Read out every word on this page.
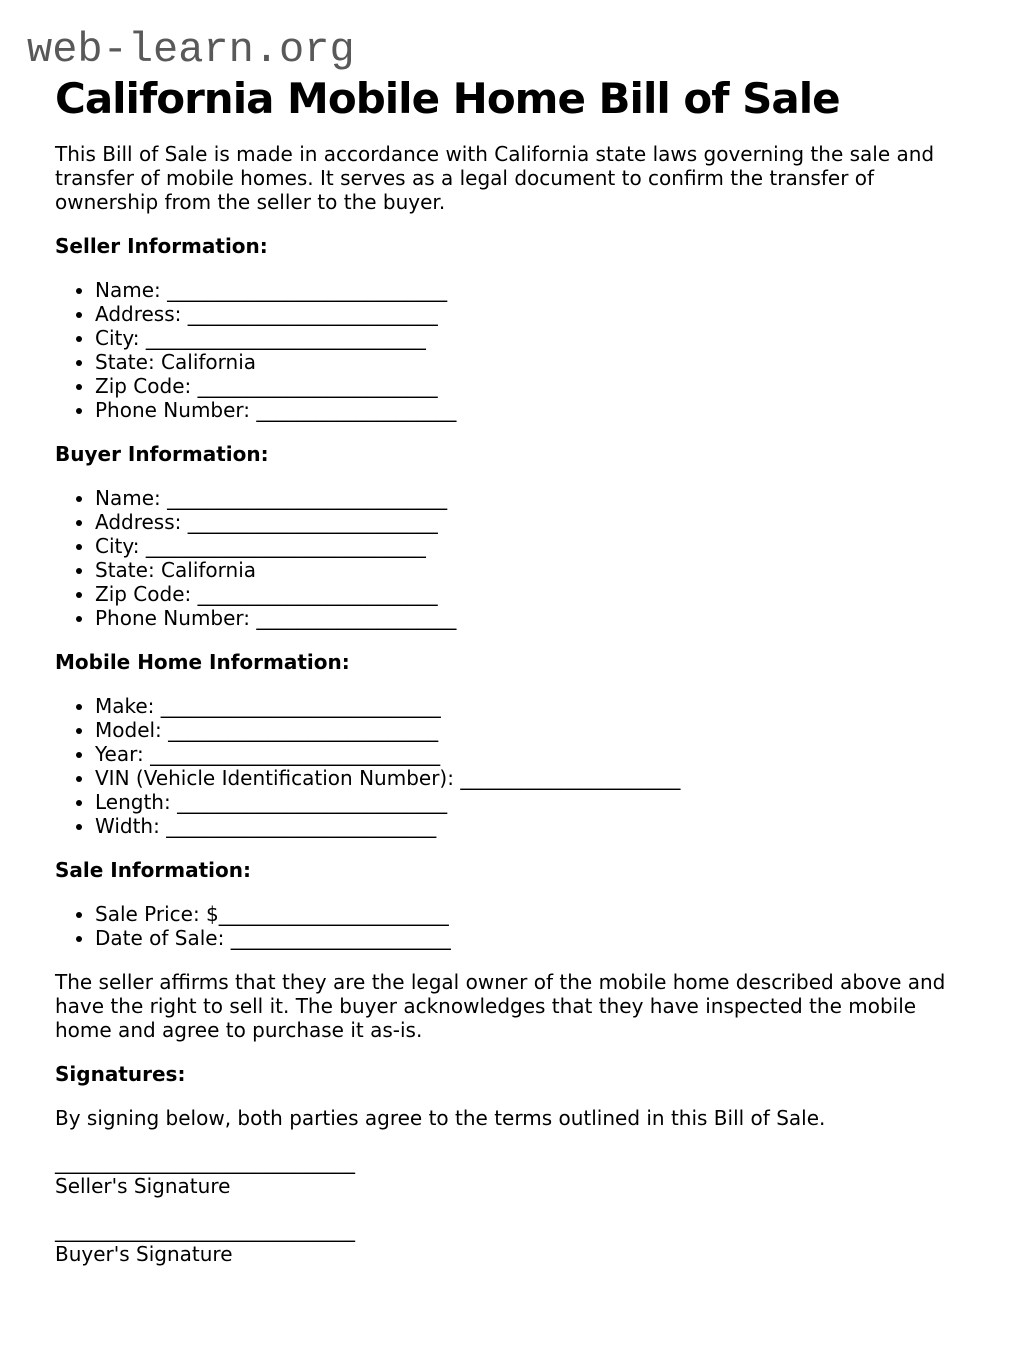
web-learn.org
California Mobile Home Bill of Sale

This Bill of Sale is made in accordance with California state laws governing the sale and transfer of mobile homes. It serves as a legal document to confirm the transfer of ownership from the seller to the buyer.

Seller Information:

• Name: ____________________________
• Address: _________________________
• City: ____________________________
• State: California
• Zip Code: ________________________
• Phone Number: ____________________

Buyer Information:

• Name: ____________________________
• Address: _________________________
• City: ____________________________
• State: California
• Zip Code: ________________________
• Phone Number: ____________________

Mobile Home Information:

• Make: ____________________________
• Model: ___________________________
• Year: _____________________________
• VIN (Vehicle Identification Number): ______________________
• Length: ___________________________
• Width: ___________________________

Sale Information:

• Sale Price: $_______________________
• Date of Sale: ______________________

The seller affirms that they are the legal owner of the mobile home described above and have the right to sell it. The buyer acknowledges that they have inspected the mobile home and agree to purchase it as-is.

Signatures:

By signing below, both parties agree to the terms outlined in this Bill of Sale.

______________________________
Seller's Signature
______________________________
Buyer's Signature
